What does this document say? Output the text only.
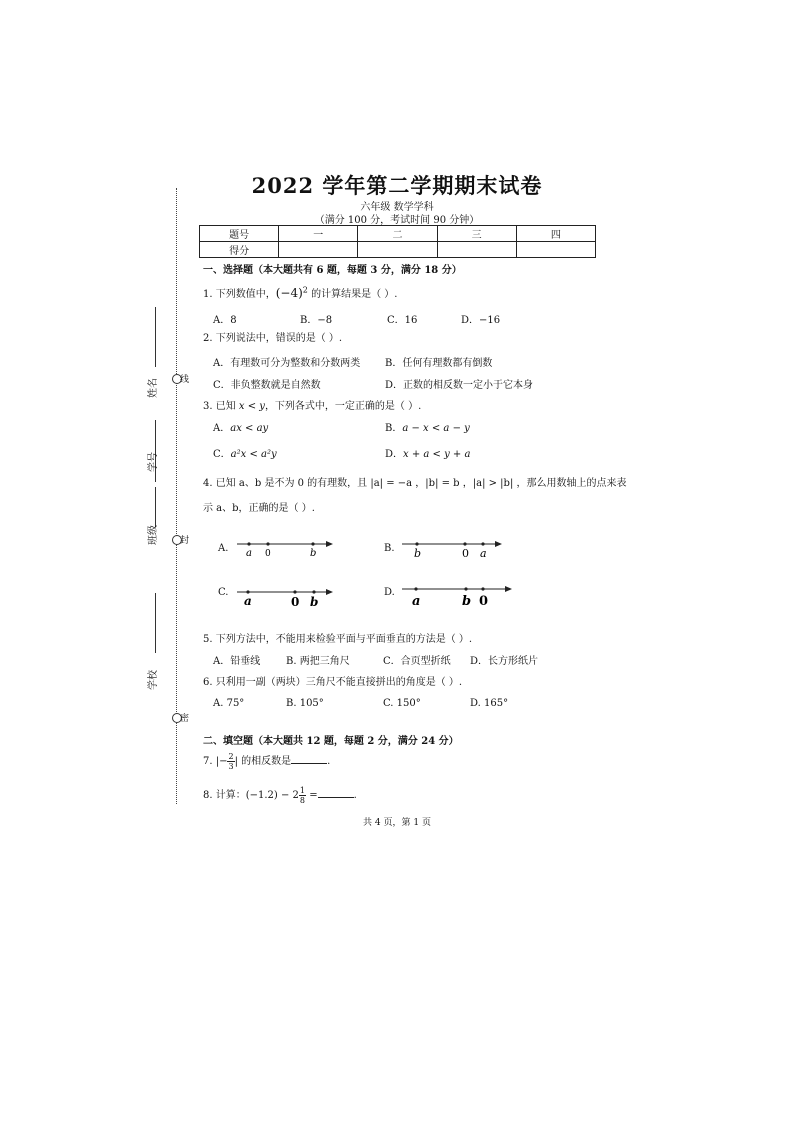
2022 学年第二学期期末试卷
六年级 数学学科
（满分 100 分，考试时间 90 分钟）
题号	一	二	三	四
得分				
线
封
密
姓名
学号
班级
学校
一、选择题（本大题共有 6 题，每题 3 分，满分 18 分）
1. 下列数值中，$(-4)^2$ 的计算结果是（ ）.
A．8	B．−8	C．16	D．−16
2. 下列说法中，错误的是（ ）.
A．有理数可分为整数和分数两类 B．任何有理数都有倒数
C．非负整数就是自然数	D．正数的相反数一定小于它本身
3. 已知 x < y，下列各式中，一定正确的是（ ）.
A．ax < ay	B．a − x < a − y
C．a²x < a²y	D．x + a < y + a
4. 已知 a、b 是不为 0 的有理数，且 |a| = −a ，|b| = b ，|a| > |b| ，那么用数轴上的点来表
示 a、b，正确的是（ ）.
A. a 0	b	B. b	0 a
C.
a	0 b
D.
a	b 0
5. 下列方法中，不能用来检验平面与平面垂直的方法是（ ）.
A．铅垂线	B. 两把三角尺	C．合页型折纸 D．长方形纸片
6. 只利用一副（两块）三角尺不能直接拼出的角度是（ ）.
A. 75°	B. 105°	C. 150°	D. 165°
二、填空题（本大题共 12 题，每题 2 分，满分 24 分）
7. |− $\frac{2}{3}$ | 的相反数是	.
8. 计算：$(-1.2) - 2 \frac{1}{8}$ =	.
共 4 页，第 1 页
